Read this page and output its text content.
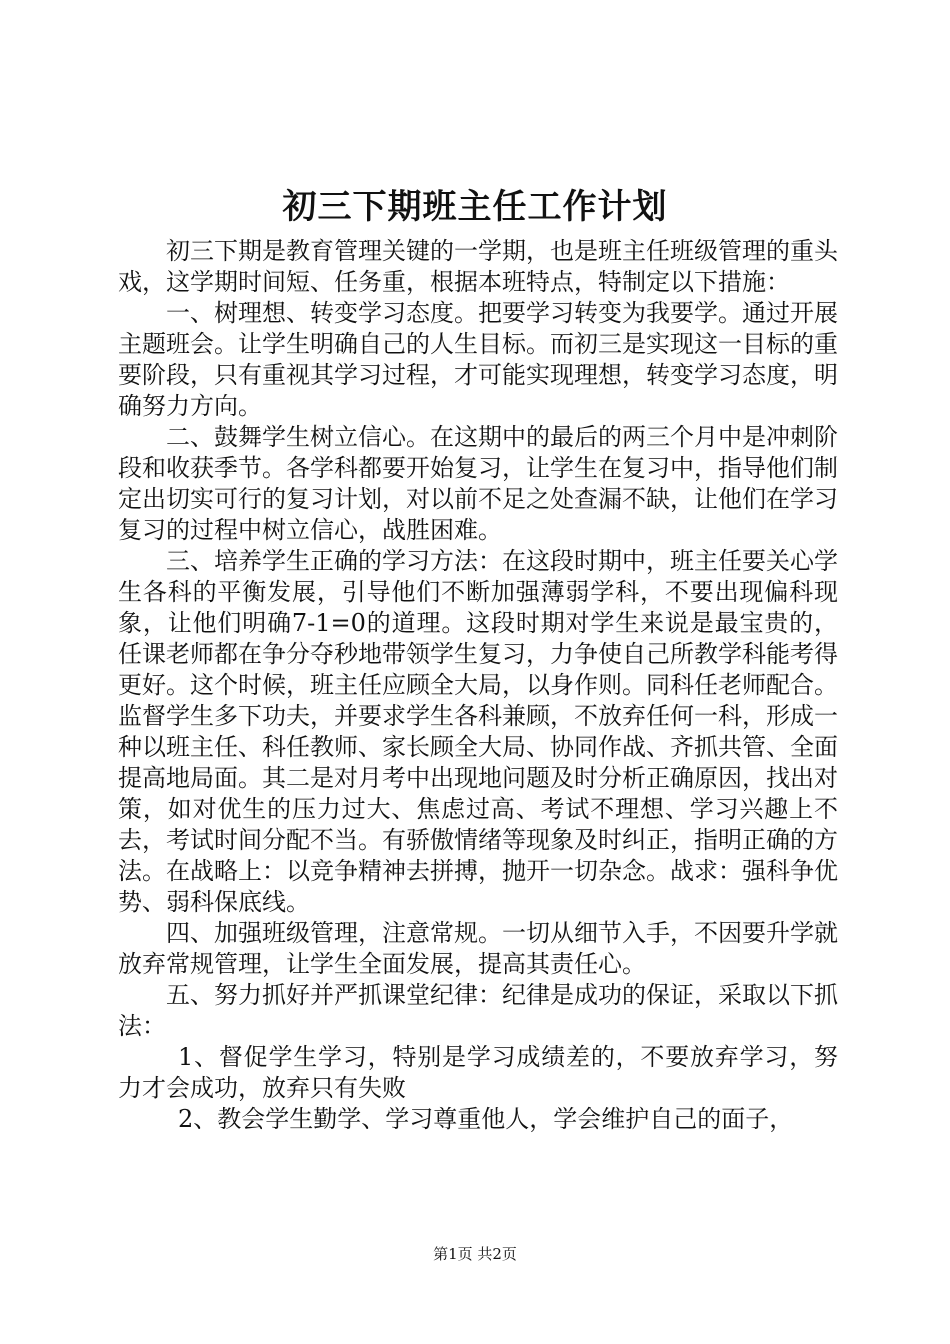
初三下期班主任工作计划

初三下期是教育管理关键的一学期，也是班主任班级管理的重头戏，这学期时间短、任务重，根据本班特点，特制定以下措施：

一、树理想、转变学习态度。把要学习转变为我要学。通过开展主题班会。让学生明确自己的人生目标。而初三是实现这一目标的重要阶段，只有重视其学习过程，才可能实现理想，转变学习态度，明确努力方向。

二、鼓舞学生树立信心。在这期中的最后的两三个月中是冲刺阶段和收获季节。各学科都要开始复习，让学生在复习中，指导他们制定出切实可行的复习计划，对以前不足之处查漏不缺，让他们在学习复习的过程中树立信心，战胜困难。

三、培养学生正确的学习方法：在这段时期中，班主任要关心学生各科的平衡发展，引导他们不断加强薄弱学科，不要出现偏科现象，让他们明确7-1=0的道理。这段时期对学生来说是最宝贵的，任课老师都在争分夺秒地带领学生复习，力争使自己所教学科能考得更好。这个时候，班主任应顾全大局，以身作则。同科任老师配合。监督学生多下功夫，并要求学生各科兼顾，不放弃任何一科，形成一种以班主任、科任教师、家长顾全大局、协同作战、齐抓共管、全面提高地局面。其二是对月考中出现地问题及时分析正确原因，找出对策，如对优生的压力过大、焦虑过高、考试不理想、学习兴趣上不去，考试时间分配不当。有骄傲情绪等现象及时纠正，指明正确的方法。在战略上：以竞争精神去拼搏，抛开一切杂念。战求：强科争优势、弱科保底线。

四、加强班级管理，注意常规。一切从细节入手，不因要升学就放弃常规管理，让学生全面发展，提高其责任心。

五、努力抓好并严抓课堂纪律：纪律是成功的保证，采取以下抓法：

1、督促学生学习，特别是学习成绩差的，不要放弃学习，努力才会成功，放弃只有失败

2、教会学生勤学、学习尊重他人，学会维护自己的面子，

第1页 共2页
